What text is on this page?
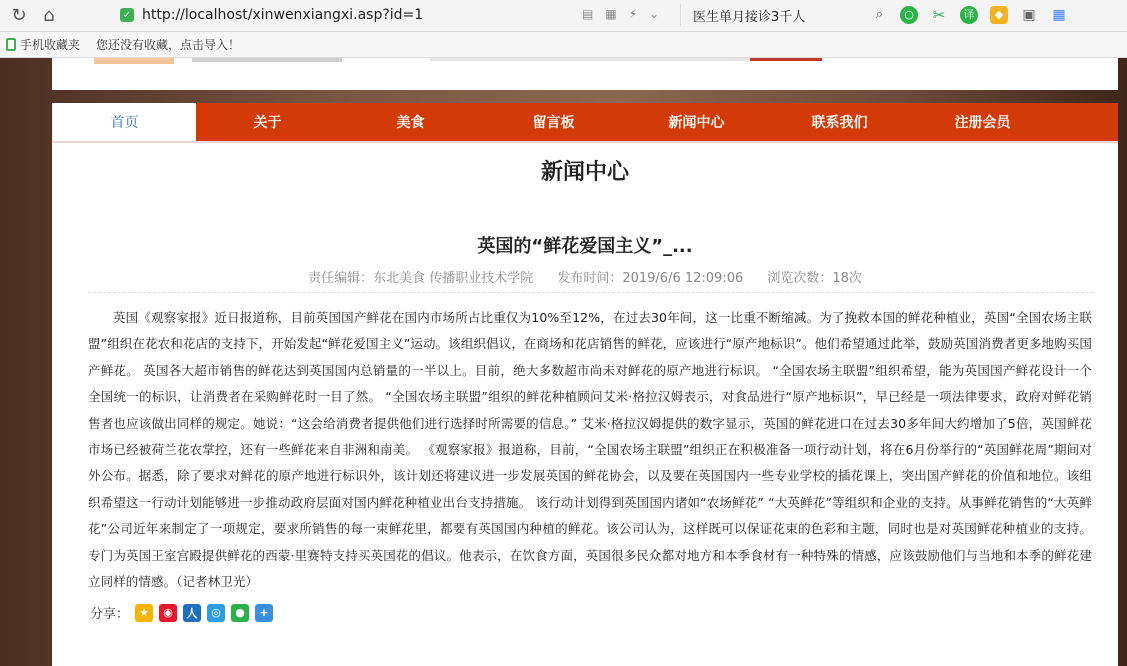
↻ ⌂	✓ http://localhost/xinwenxiangxi.asp?id=1	▤ ▦ ⚡ ⌄	医生单月接诊3千人	⌕	○ ✂	译	◆	▣ ▦
手机收藏夹 您还没有收藏，点击导入！
首页	关于	美食	留言板	新闻中心	联系我们	注册会员
新闻中心
英国的“鲜花爱国主义”_...
责任编辑：东北美食 传播职业技术学院 发布时间：2019/6/6 12:09:06 浏览次数：18次
英国《观察家报》近日报道称，目前英国国产鲜花在国内市场所占比重仅为10%至12%，在过去30年间，这一比重不断缩减。为了挽救本国的鲜花种植业，英国“全国农场主联盟”组织在花农和花店的支持下，开始发起“鲜花爱国主义”运动。该组织倡议，在商场和花店销售的鲜花，应该进行“原产地标识”。他们希望通过此举，鼓励英国消费者更多地购买国产鲜花。 英国各大超市销售的鲜花达到英国国内总销量的一半以上。目前，绝大多数超市尚未对鲜花的原产地进行标识。 “全国农场主联盟”组织希望，能为英国国产鲜花设计一个全国统一的标识，让消费者在采购鲜花时一目了然。 “全国农场主联盟”组织的鲜花种植顾问艾米·格拉汉姆表示，对食品进行“原产地标识”，早已经是一项法律要求，政府对鲜花销售者也应该做出同样的规定。她说：“这会给消费者提供他们进行选择时所需要的信息。” 艾米·格拉汉姆提供的数字显示，英国的鲜花进口在过去30多年间大约增加了5倍，英国鲜花市场已经被荷兰花农掌控，还有一些鲜花来自非洲和南美。 《观察家报》报道称，目前，“全国农场主联盟”组织正在积极准备一项行动计划，将在6月份举行的“英国鲜花周”期间对外公布。据悉，除了要求对鲜花的原产地进行标识外，该计划还将建议进一步发展英国的鲜花协会，以及要在英国国内一些专业学校的插花课上，突出国产鲜花的价值和地位。该组织希望这一行动计划能够进一步推动政府层面对国内鲜花种植业出台支持措施。 该行动计划得到英国国内诸如“农场鲜花” “大英鲜花”等组织和企业的支持。从事鲜花销售的“大英鲜花”公司近年来制定了一项规定，要求所销售的每一束鲜花里，都要有英国国内种植的鲜花。该公司认为，这样既可以保证花束的色彩和主题，同时也是对英国鲜花种植业的支持。 专门为英国王室宫殿提供鲜花的西蒙·里赛特支持买英国花的倡议。他表示，在饮食方面，英国很多民众都对地方和本季食材有一种特殊的情感，应该鼓励他们与当地和本季的鲜花建立同样的情感。（记者林卫光）
分享： ★	◉	人	◎	●	+
